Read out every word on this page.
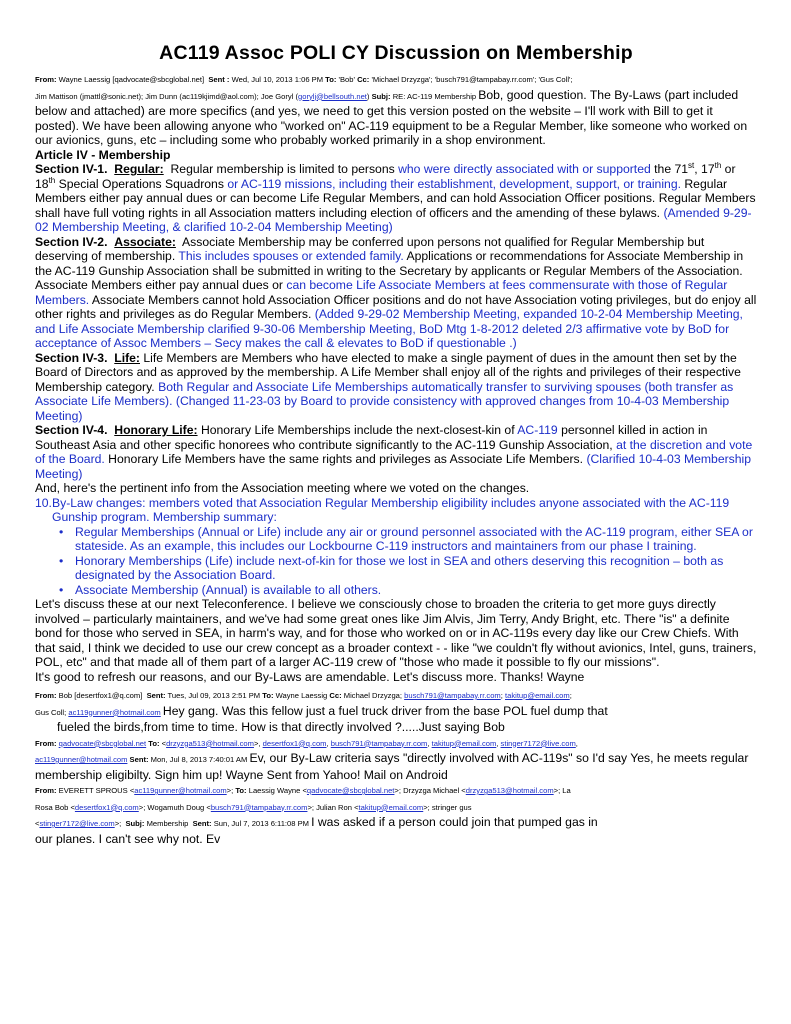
AC119 Assoc POLI CY Discussion on Membership

From: Wayne Laessig [qadvocate@sbcglobal.net] Sent : Wed, Jul 10, 2013 1:06 PM To: 'Bob' Cc: 'Michael Drzyzga'; 'busch791@tampabay.rr.com'; 'Gus Coll';
Jim Mattison (jmattl@sonic.net); Jim Dunn (ac119kjimd@aol.com); Joe Goryl (gorylj@bellsouth.net) Subj: RE: AC-119 Membership Bob, good question. The By-Laws (part included below and attached) are more specifics (and yes, we need to get this version posted on the website – I'll work with Bill to get it posted). We have been allowing anyone who "worked on" AC-119 equipment to be a Regular Member, like someone who worked on our avionics, guns, etc – including some who probably worked primarily in a shop environment.

Article IV - Membership

Section IV-1. Regular: Regular membership is limited to persons who were directly associated with or supported the 71st, 17th or 18th Special Operations Squadrons or AC-119 missions, including their establishment, development, support, or training. Regular Members either pay annual dues or can become Life Regular Members, and can hold Association Officer positions. Regular Members shall have full voting rights in all Association matters including election of officers and the amending of these bylaws. (Amended 9-29-02 Membership Meeting, & clarified 10-2-04 Membership Meeting)

Section IV-2. Associate: Associate Membership may be conferred upon persons not qualified for Regular Membership but deserving of membership. This includes spouses or extended family. Applications or recommendations for Associate Membership in the AC-119 Gunship Association shall be submitted in writing to the Secretary by applicants or Regular Members of the Association. Associate Members either pay annual dues or can become Life Associate Members at fees commensurate with those of Regular Members. Associate Members cannot hold Association Officer positions and do not have Association voting privileges, but do enjoy all other rights and privileges as do Regular Members. (Added 9-29-02 Membership Meeting, expanded 10-2-04 Membership Meeting, and Life Associate Membership clarified 9-30-06 Membership Meeting, BoD Mtg 1-8-2012 deleted 2/3 affirmative vote by BoD for acceptance of Assoc Members – Secy makes the call & elevates to BoD if questionable .)

Section IV-3. Life: Life Members are Members who have elected to make a single payment of dues in the amount then set by the Board of Directors and as approved by the membership. A Life Member shall enjoy all of the rights and privileges of their respective Membership category. Both Regular and Associate Life Memberships automatically transfer to surviving spouses (both transfer as Associate Life Members). (Changed 11-23-03 by Board to provide consistency with approved changes from 10-4-03 Membership Meeting)

Section IV-4. Honorary Life: Honorary Life Memberships include the next-closest-kin of AC-119 personnel killed in action in Southeast Asia and other specific honorees who contribute significantly to the AC-119 Gunship Association, at the discretion and vote of the Board. Honorary Life Members have the same rights and privileges as Associate Life Members. (Clarified 10-4-03 Membership Meeting)

And, here's the pertinent info from the Association meeting where we voted on the changes.

10. By-Law changes: members voted that Association Regular Membership eligibility includes anyone associated with the AC-119 Gunship program. Membership summary:
• Regular Memberships (Annual or Life) include any air or ground personnel associated with the AC-119 program, either SEA or stateside. As an example, this includes our Lockbourne C-119 instructors and maintainers from our phase I training.
• Honorary Memberships (Life) include next-of-kin for those we lost in SEA and others deserving this recognition – both as designated by the Association Board.
• Associate Membership (Annual) is available to all others.

Let's discuss these at our next Teleconference. I believe we consciously chose to broaden the criteria to get more guys directly involved – particularly maintainers, and we've had some great ones like Jim Alvis, Jim Terry, Andy Bright, etc. There "is" a definite bond for those who served in SEA, in harm's way, and for those who worked on or in AC-119s every day like our Crew Chiefs. With that said, I think we decided to use our crew concept as a broader context - - like "we couldn't fly without avionics, Intel, guns, trainers, POL, etc" and that made all of them part of a larger AC-119 crew of "those who made it possible to fly our missions".

It's good to refresh our reasons, and our By-Laws are amendable. Let's discuss more. Thanks! Wayne

From: Bob [desertfox1@q.com] Sent: Tues, Jul 09, 2013 2:51 PM To: Wayne Laessig Cc: Michael Drzyzga; busch791@tampabay.rr.com; takitup@email.com;
Gus Coll; ac119gunner@hotmail.com Hey gang. Was this fellow just a fuel truck driver from the base POL fuel dump that
fueled the birds,from time to time. How is that directly involved ?.....Just saying Bob

From: qadvocate@sbcglobal.net To: <drzyzga513@hotmail.com>, desertfox1@q.com, busch791@tampabay.rr.com, takitup@email.com, stinger7172@live.com,
ac119gunner@hotmail.com Sent: Mon, Jul 8, 2013 7:40:01 AM Ev, our By-Law criteria says "directly involved with AC-119s" so I'd say Yes, he meets regular membership eligibilty. Sign him up! Wayne Sent from Yahoo! Mail on Android

From: EVERETT SPROUS <ac119gunner@hotmail.com>; To: Laessig Wayne <qadvocate@sbcglobal.net>; Drzyzga Michael <drzyzga513@hotmail.com>; La
Rosa Bob <desertfox1@q.com>; Wogamuth Doug <busch791@tampabay.rr.com>; Julian Ron <takitup@email.com>; stringer gus
<stinger7172@live.com>; Subj: Membership Sent: Sun, Jul 7, 2013 6:11:08 PM I was asked if a person could join that pumped gas in
our planes. I can't see why not. Ev
